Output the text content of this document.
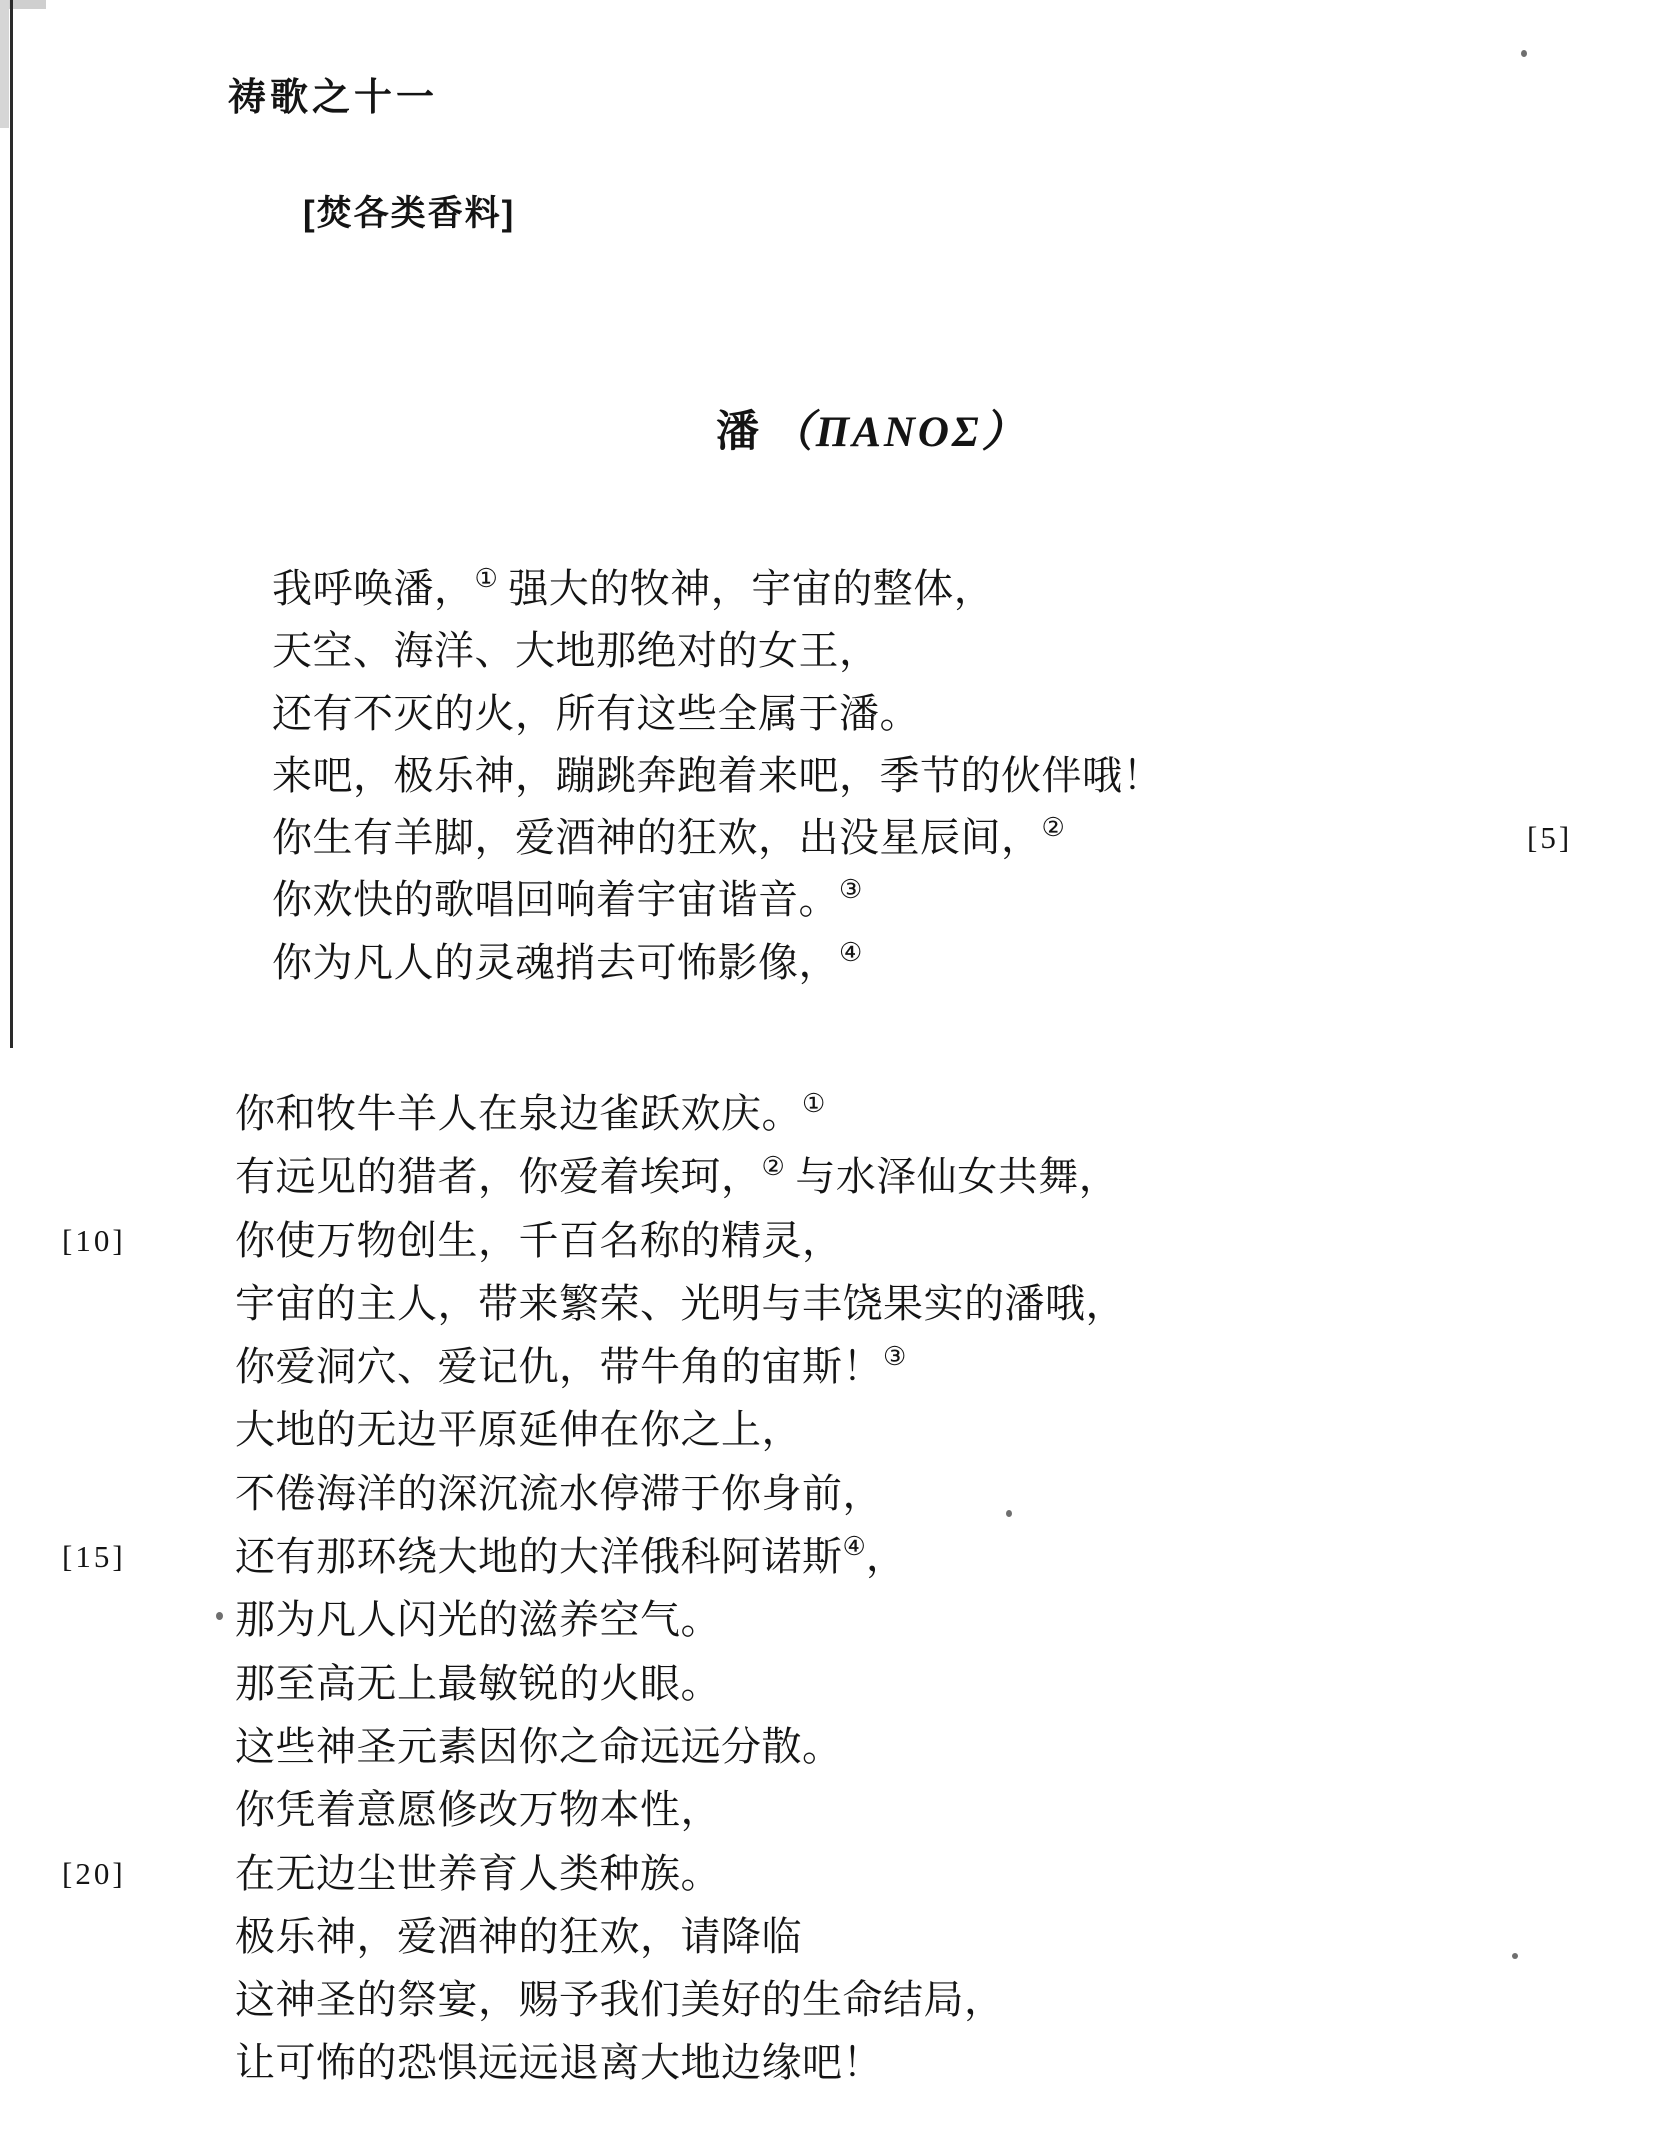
祷歌之十一
[焚各类香料]
潘 （ΠΑΝΟΣ）
我呼唤潘，① 强大的牧神，宇宙的整体，
天空、海洋、大地那绝对的女王，
还有不灭的火，所有这些全属于潘。
来吧，极乐神，蹦跳奔跑着来吧，季节的伙伴哦！
你生有羊脚，爱酒神的狂欢，出没星辰间，②	[5]
你欢快的歌唱回响着宇宙谐音。③
你为凡人的灵魂捎去可怖影像，④
你和牧牛羊人在泉边雀跃欢庆。①
有远见的猎者，你爱着埃珂，② 与水泽仙女共舞，
你使万物创生，千百名称的精灵，
[10]
宇宙的主人，带来繁荣、光明与丰饶果实的潘哦，
你爱洞穴、爱记仇，带牛角的宙斯！③
大地的无边平原延伸在你之上，
不倦海洋的深沉流水停滞于你身前，
还有那环绕大地的大洋俄科阿诺斯④，
[15]
那为凡人闪光的滋养空气。
那至高无上最敏锐的火眼。
这些神圣元素因你之命远远分散。
你凭着意愿修改万物本性，
在无边尘世养育人类种族。
[20]
极乐神，爱酒神的狂欢，请降临
这神圣的祭宴，赐予我们美好的生命结局，
让可怖的恐惧远远退离大地边缘吧！
